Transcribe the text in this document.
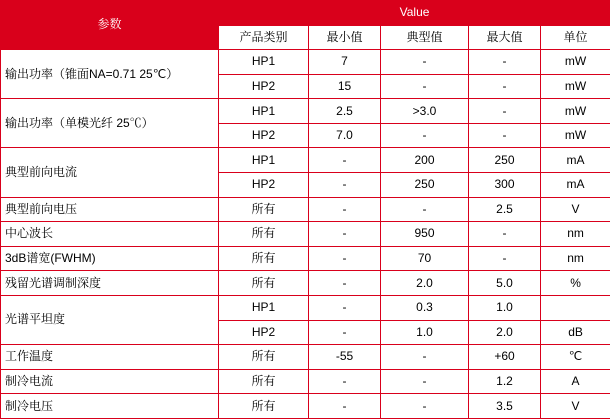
参数	Value				
	产品类别	最小值	典型值	最大值	单位
输出功率（锥面NA=0.71 25℃）	HP1	7	-	-	mW
	HP2	15	-	-	mW
输出功率（单模光纤 25℃）	HP1	2.5	>3.0	-	mW
	HP2	7.0	-	-	mW
典型前向电流	HP1	-	200	250	mA
	HP2	-	250	300	mA
典型前向电压	所有	-	-	2.5	V
中心波长	所有	-	950	-	nm
3dB谱宽(FWHM)	所有	-	70	-	nm
残留光谱调制深度	所有	-	2.0	5.0	%
光谱平坦度	HP1	-	0.3	1.0	
	HP2	-	1.0	2.0	dB
工作温度	所有	-55	-	+60	℃
制冷电流	所有	-	-	1.2	A
制冷电压	所有	-	-	3.5	V
